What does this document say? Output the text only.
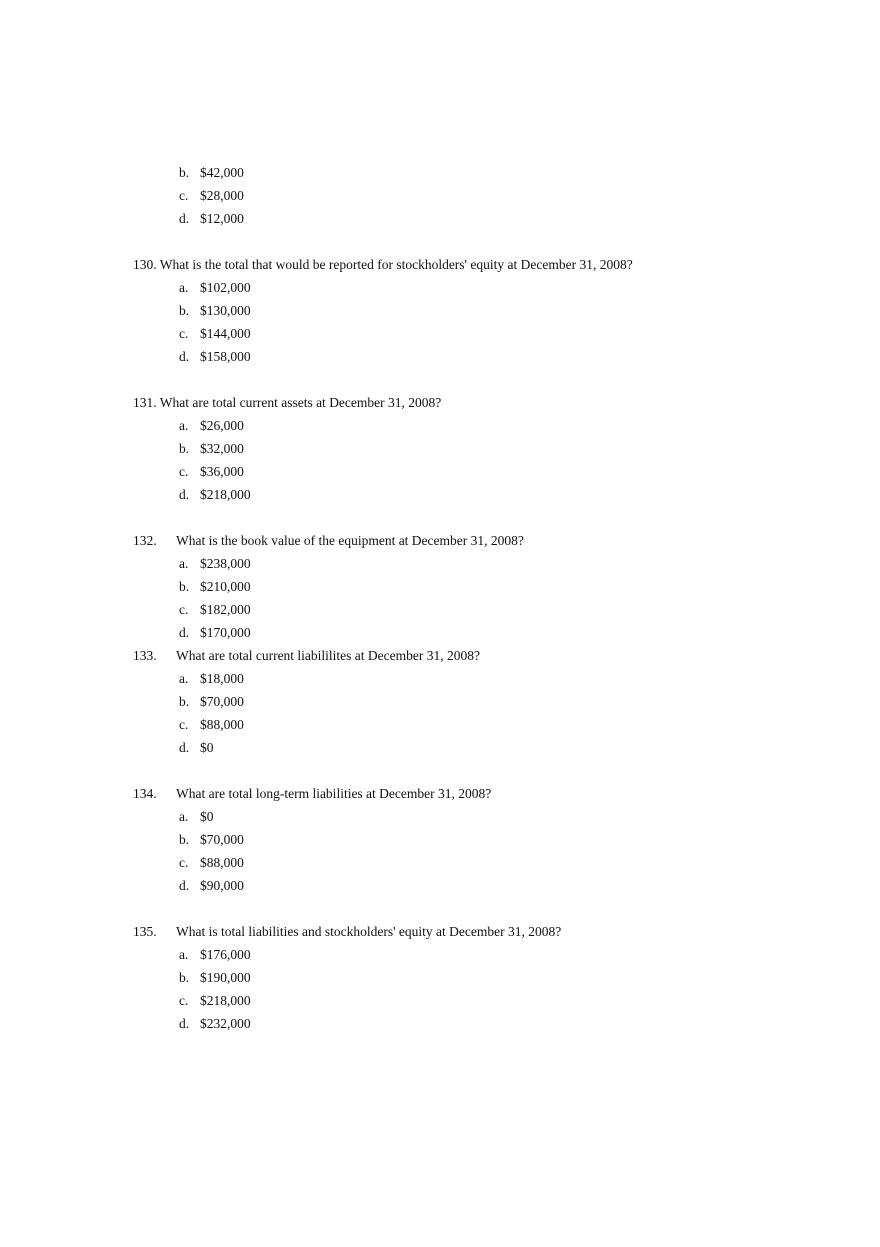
b. $42,000
c. $28,000
d. $12,000
130. What is the total that would be reported for stockholders' equity at December 31, 2008?
a. $102,000
b. $130,000
c. $144,000
d. $158,000
131. What are total current assets at December 31, 2008?
a. $26,000
b. $32,000
c. $36,000
d. $218,000
132. What is the book value of the equipment at December 31, 2008?
a. $238,000
b. $210,000
c. $182,000
d. $170,000
133. What are total current liabililites at December 31, 2008?
a. $18,000
b. $70,000
c. $88,000
d. $0
134. What are total long-term liabilities at December 31, 2008?
a. $0
b. $70,000
c. $88,000
d. $90,000
135. What is total liabilities and stockholders' equity at December 31, 2008?
a. $176,000
b. $190,000
c. $218,000
d. $232,000
